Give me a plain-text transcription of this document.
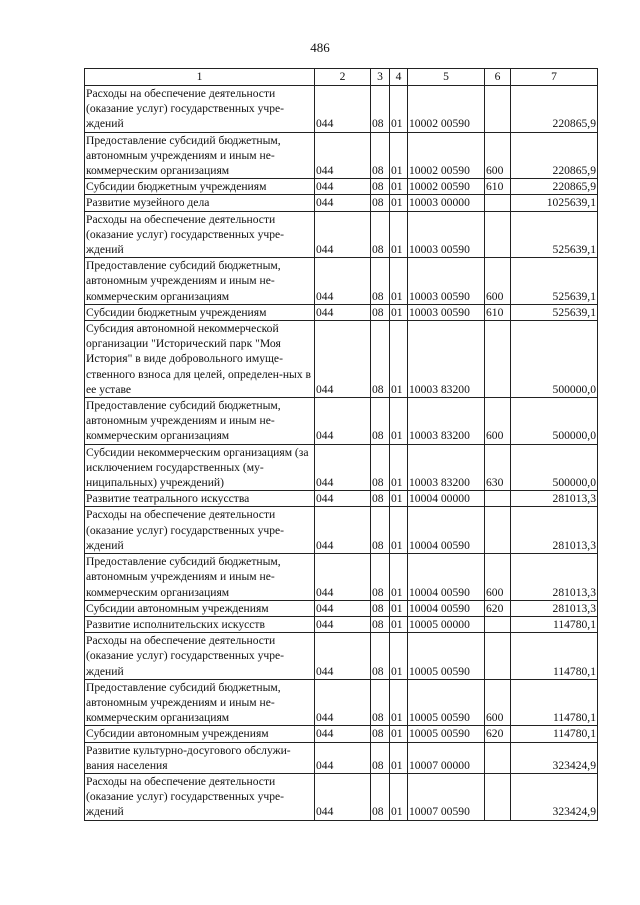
486
1	2	3	4	5	6	7
Расходы на обеспечение деятельности (оказание услуг) государственных учре-ждений	044	08	01	10002 00590		220865,9
Предоставление субсидий бюджетным, автономным учреждениям и иным не-коммерческим организациям	044	08	01	10002 00590	600	220865,9
Субсидии бюджетным учреждениям	044	08	01	10002 00590	610	220865,9
Развитие музейного дела	044	08	01	10003 00000		1025639,1
Расходы на обеспечение деятельности (оказание услуг) государственных учре-ждений	044	08	01	10003 00590		525639,1
Предоставление субсидий бюджетным, автономным учреждениям и иным не-коммерческим организациям	044	08	01	10003 00590	600	525639,1
Субсидии бюджетным учреждениям	044	08	01	10003 00590	610	525639,1
Субсидия автономной некоммерческой организации "Исторический парк "Моя История" в виде добровольного имуще-ственного взноса для целей, определен-ных в ее уставе	044	08	01	10003 83200		500000,0
Предоставление субсидий бюджетным, автономным учреждениям и иным не-коммерческим организациям	044	08	01	10003 83200	600	500000,0
Субсидии некоммерческим организациям (за исключением государственных (му-ниципальных) учреждений)	044	08	01	10003 83200	630	500000,0
Развитие театрального искусства	044	08	01	10004 00000		281013,3
Расходы на обеспечение деятельности (оказание услуг) государственных учре-ждений	044	08	01	10004 00590		281013,3
Предоставление субсидий бюджетным, автономным учреждениям и иным не-коммерческим организациям	044	08	01	10004 00590	600	281013,3
Субсидии автономным учреждениям	044	08	01	10004 00590	620	281013,3
Развитие исполнительских искусств	044	08	01	10005 00000		114780,1
Расходы на обеспечение деятельности (оказание услуг) государственных учре-ждений	044	08	01	10005 00590		114780,1
Предоставление субсидий бюджетным, автономным учреждениям и иным не-коммерческим организациям	044	08	01	10005 00590	600	114780,1
Субсидии автономным учреждениям	044	08	01	10005 00590	620	114780,1
Развитие культурно-досугового обслужи-вания населения	044	08	01	10007 00000		323424,9
Расходы на обеспечение деятельности (оказание услуг) государственных учре-ждений	044	08	01	10007 00590		323424,9
